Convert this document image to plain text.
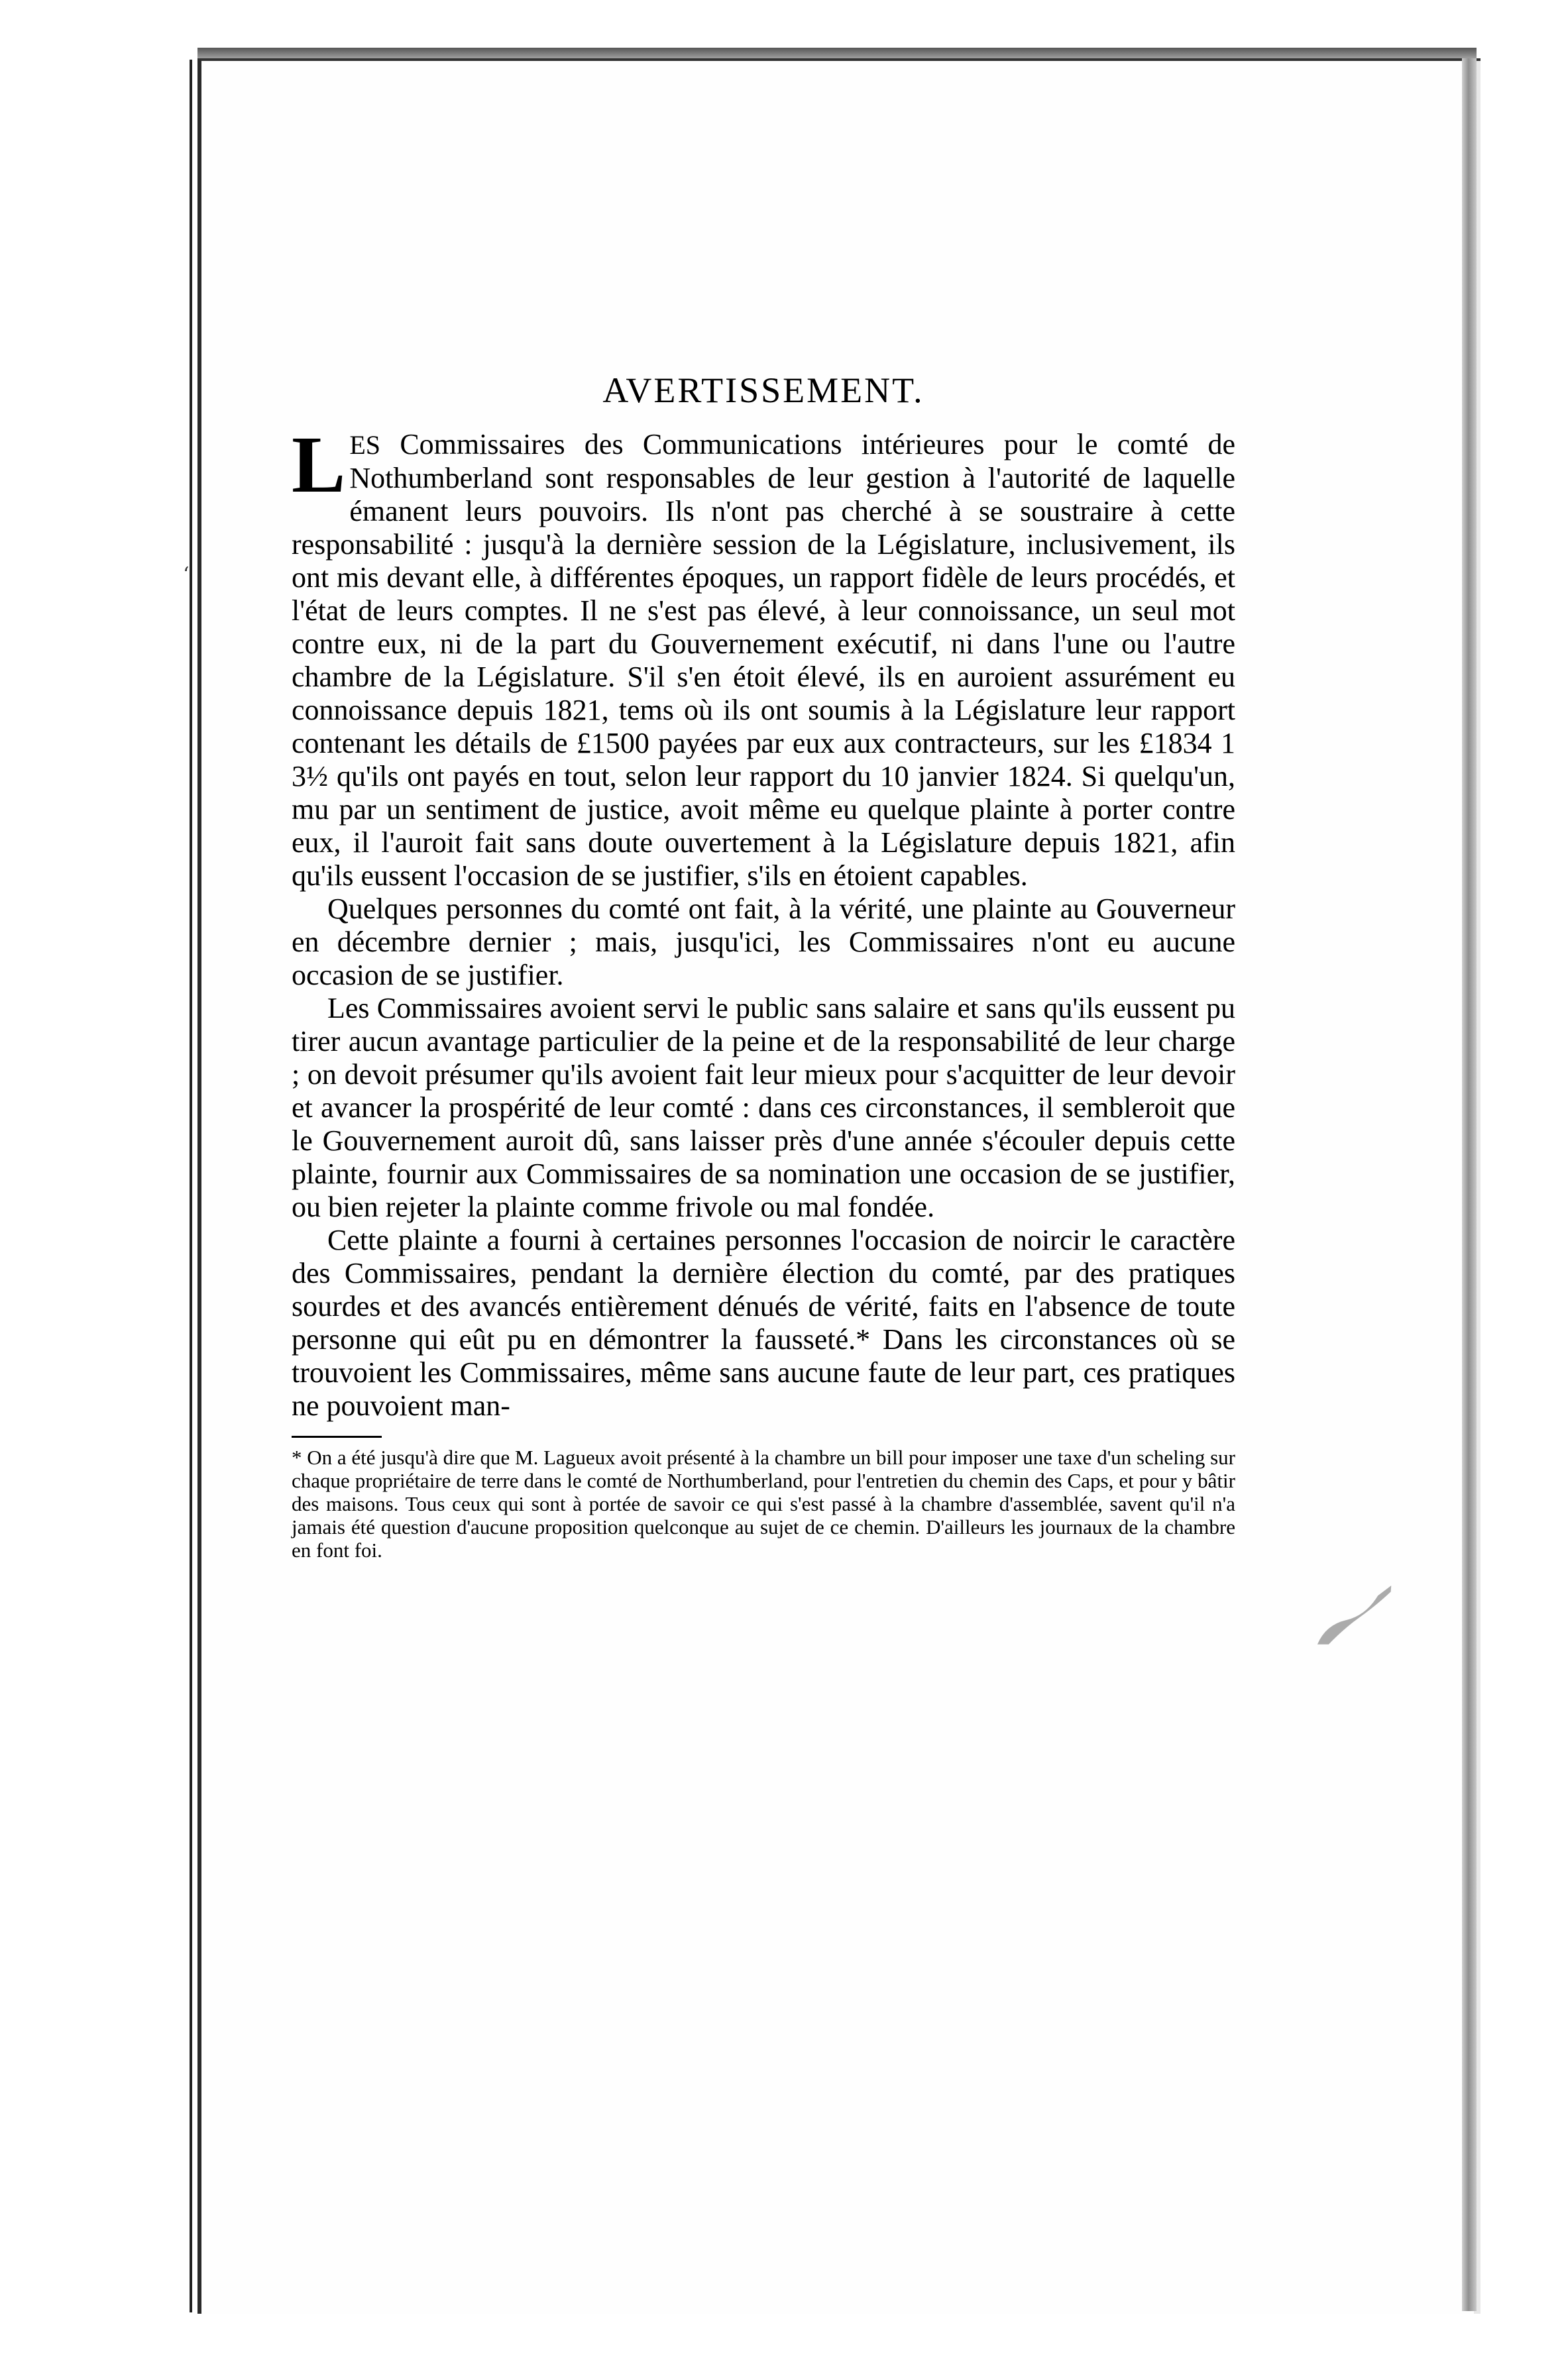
ʻ
AVERTISSEMENT.

LES Commissaires des Communications intérieures pour le comté de Nothumberland sont responsables de leur gestion à l'autorité de laquelle émanent leurs pouvoirs. Ils n'ont pas cherché à se soustraire à cette responsabilité : jusqu'à la dernière session de la Législature, inclusivement, ils ont mis devant elle, à différentes époques, un rapport fidèle de leurs procédés, et l'état de leurs comptes. Il ne s'est pas élevé, à leur connoissance, un seul mot contre eux, ni de la part du Gouvernement exécutif, ni dans l'une ou l'autre chambre de la Législature. S'il s'en étoit élevé, ils en auroient assurément eu connoissance depuis 1821, tems où ils ont soumis à la Législature leur rapport contenant les détails de £1500 payées par eux aux contracteurs, sur les £1834 1 3½ qu'ils ont payés en tout, selon leur rapport du 10 janvier 1824. Si quelqu'un, mu par un sentiment de justice, avoit même eu quelque plainte à porter contre eux, il l'auroit fait sans doute ouvertement à la Législature depuis 1821, afin qu'ils eussent l'occasion de se justifier, s'ils en étoient capables.

Quelques personnes du comté ont fait, à la vérité, une plainte au Gouverneur en décembre dernier ; mais, jusqu'ici, les Commissaires n'ont eu aucune occasion de se justifier.

Les Commissaires avoient servi le public sans salaire et sans qu'ils eussent pu tirer aucun avantage particulier de la peine et de la responsabilité de leur charge ; on devoit présumer qu'ils avoient fait leur mieux pour s'acquitter de leur devoir et avancer la prospérité de leur comté : dans ces circonstances, il sembleroit que le Gouvernement auroit dû, sans laisser près d'une année s'écouler depuis cette plainte, fournir aux Commissaires de sa nomination une occasion de se justifier, ou bien rejeter la plainte comme frivole ou mal fondée.

Cette plainte a fourni à certaines personnes l'occasion de noircir le caractère des Commissaires, pendant la dernière élection du comté, par des pratiques sourdes et des avancés entièrement dénués de vérité, faits en l'absence de toute personne qui eût pu en démontrer la fausseté.* Dans les circonstances où se trouvoient les Commissaires, même sans aucune faute de leur part, ces pratiques ne pouvoient man-

* On a été jusqu'à dire que M. Lagueux avoit présenté à la chambre un bill pour imposer une taxe d'un scheling sur chaque propriétaire de terre dans le comté de Northumberland, pour l'entretien du chemin des Caps, et pour y bâtir des maisons. Tous ceux qui sont à portée de savoir ce qui s'est passé à la chambre d'assemblée, savent qu'il n'a jamais été question d'aucune proposition quelconque au sujet de ce chemin. D'ailleurs les journaux de la chambre en font foi.
